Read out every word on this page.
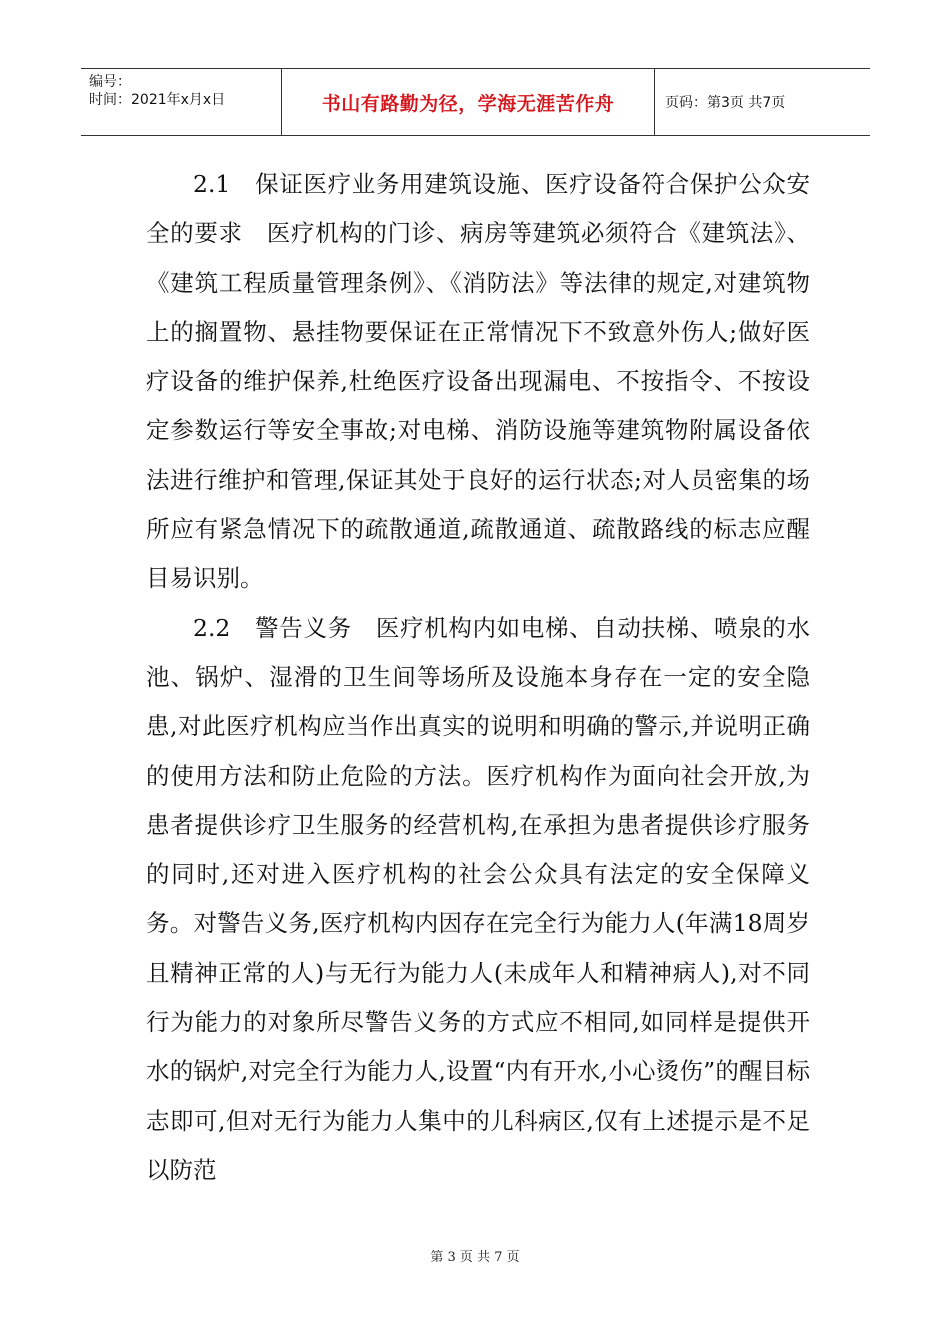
编号：
时间：2021年x月x日	书山有路勤为径，学海无涯苦作舟	页码：第3页 共7页

2.1　保证医疗业务用建筑设施、医疗设备符合保护公众安全的要求　医疗机构的门诊、病房等建筑必须符合《建筑法》、《建筑工程质量管理条例》、《消防法》等法律的规定,对建筑物上的搁置物、悬挂物要保证在正常情况下不致意外伤人;做好医疗设备的维护保养,杜绝医疗设备出现漏电、不按指令、不按设定参数运行等安全事故;对电梯、消防设施等建筑物附属设备依法进行维护和管理,保证其处于良好的运行状态;对人员密集的场所应有紧急情况下的疏散通道,疏散通道、疏散路线的标志应醒目易识别。

2.2　警告义务　医疗机构内如电梯、自动扶梯、喷泉的水池、锅炉、湿滑的卫生间等场所及设施本身存在一定的安全隐患,对此医疗机构应当作出真实的说明和明确的警示,并说明正确的使用方法和防止危险的方法。医疗机构作为面向社会开放,为患者提供诊疗卫生服务的经营机构,在承担为患者提供诊疗服务的同时,还对进入医疗机构的社会公众具有法定的安全保障义务。对警告义务,医疗机构内因存在完全行为能力人(年满18周岁且精神正常的人)与无行为能力人(未成年人和精神病人),对不同行为能力的对象所尽警告义务的方式应不相同,如同样是提供开水的锅炉,对完全行为能力人,设置“内有开水,小心烫伤”的醒目标志即可,但对无行为能力人集中的儿科病区,仅有上述提示是不足以防范

第 3 页 共 7 页
